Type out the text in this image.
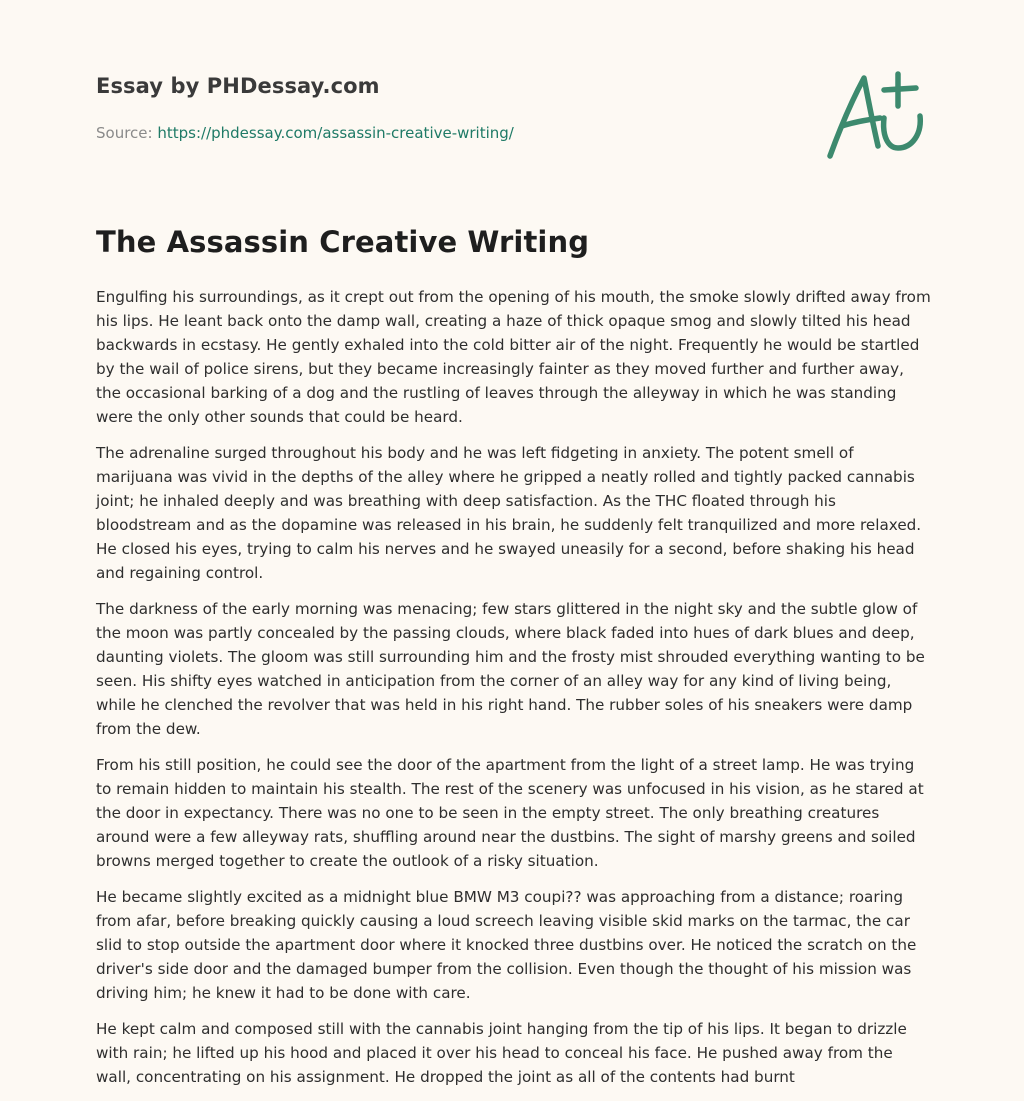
Essay by PHDessay.com
Source: https://phdessay.com/assassin-creative-writing/
The Assassin Creative Writing

Engulfing his surroundings, as it crept out from the opening of his mouth, the smoke slowly drifted away from his lips. He leant back onto the damp wall, creating a haze of thick opaque smog and slowly tilted his head backwards in ecstasy. He gently exhaled into the cold bitter air of the night. Frequently he would be startled by the wail of police sirens, but they became increasingly fainter as they moved further and further away, the occasional barking of a dog and the rustling of leaves through the alleyway in which he was standing were the only other sounds that could be heard.

The adrenaline surged throughout his body and he was left fidgeting in anxiety. The potent smell of marijuana was vivid in the depths of the alley where he gripped a neatly rolled and tightly packed cannabis joint; he inhaled deeply and was breathing with deep satisfaction. As the THC floated through his bloodstream and as the dopamine was released in his brain, he suddenly felt tranquilized and more relaxed. He closed his eyes, trying to calm his nerves and he swayed uneasily for a second, before shaking his head and regaining control.

The darkness of the early morning was menacing; few stars glittered in the night sky and the subtle glow of the moon was partly concealed by the passing clouds, where black faded into hues of dark blues and deep, daunting violets. The gloom was still surrounding him and the frosty mist shrouded everything wanting to be seen. His shifty eyes watched in anticipation from the corner of an alley way for any kind of living being, while he clenched the revolver that was held in his right hand. The rubber soles of his sneakers were damp from the dew.

From his still position, he could see the door of the apartment from the light of a street lamp. He was trying to remain hidden to maintain his stealth. The rest of the scenery was unfocused in his vision, as he stared at the door in expectancy. There was no one to be seen in the empty street. The only breathing creatures around were a few alleyway rats, shuffling around near the dustbins. The sight of marshy greens and soiled browns merged together to create the outlook of a risky situation.

He became slightly excited as a midnight blue BMW M3 coupi?? was approaching from a distance; roaring from afar, before breaking quickly causing a loud screech leaving visible skid marks on the tarmac, the car slid to stop outside the apartment door where it knocked three dustbins over. He noticed the scratch on the driver's side door and the damaged bumper from the collision. Even though the thought of his mission was driving him; he knew it had to be done with care.

He kept calm and composed still with the cannabis joint hanging from the tip of his lips. It began to drizzle with rain; he lifted up his hood and placed it over his head to conceal his face. He pushed away from the wall, concentrating on his assignment. He dropped the joint as all of the contents had burnt
